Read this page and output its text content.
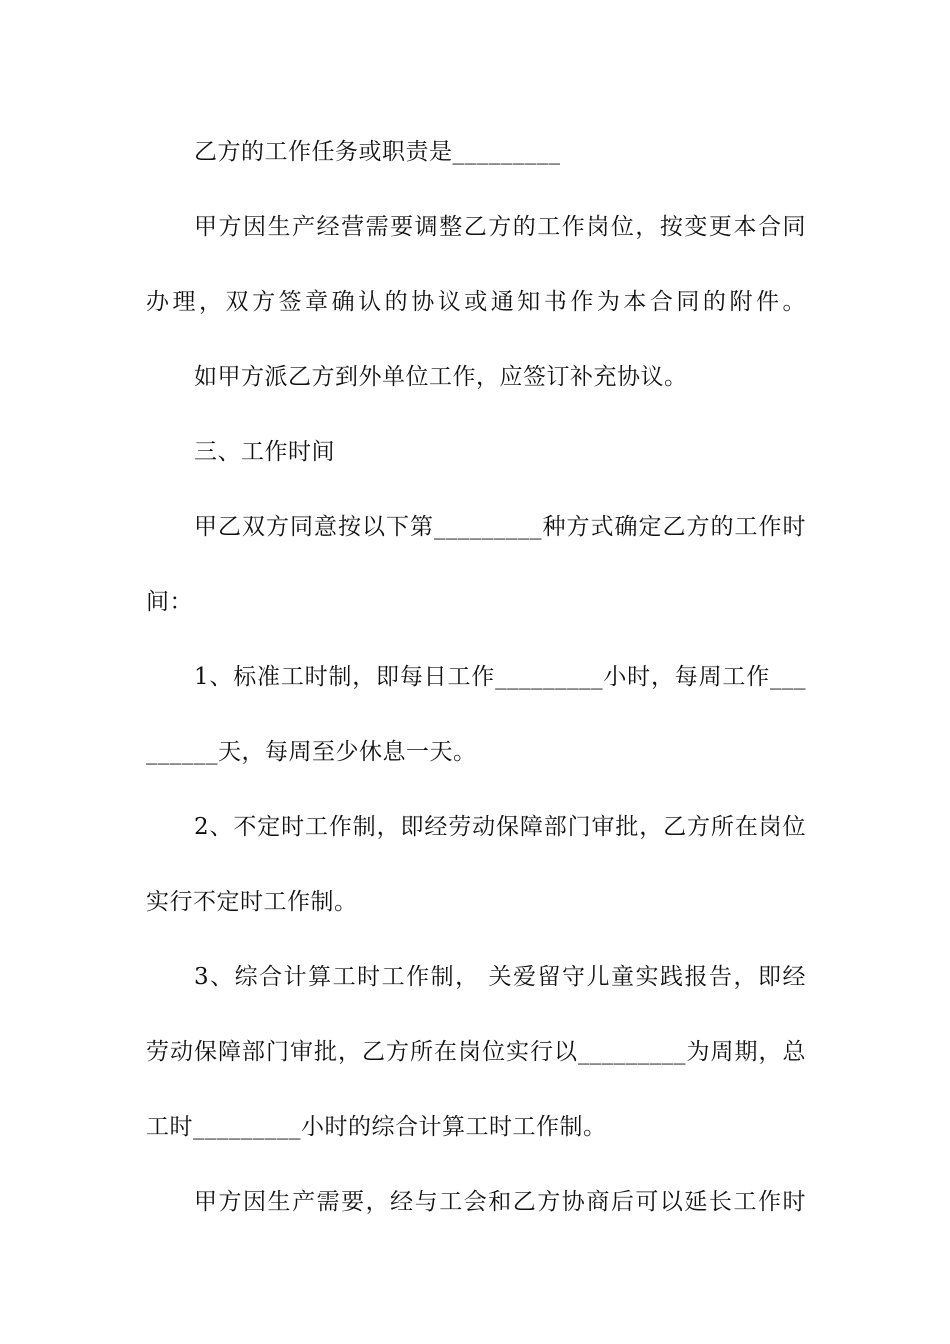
乙方的工作任务或职责是_________
甲方因生产经营需要调整乙方的工作岗位，按变更本合同
办理，双方签章确认的协议或通知书作为本合同的附件。
如甲方派乙方到外单位工作，应签订补充协议。
三、工作时间
甲乙双方同意按以下第_________种方式确定乙方的工作时
间：
1、标准工时制，即每日工作_________小时，每周工作___
______天，每周至少休息一天。
2、不定时工作制，即经劳动保障部门审批，乙方所在岗位
实行不定时工作制。
3、综合计算工时工作制， 关爱留守儿童实践报告，即经
劳动保障部门审批，乙方所在岗位实行以_________为周期，总
工时_________小时的综合计算工时工作制。
甲方因生产需要，经与工会和乙方协商后可以延长工作时
